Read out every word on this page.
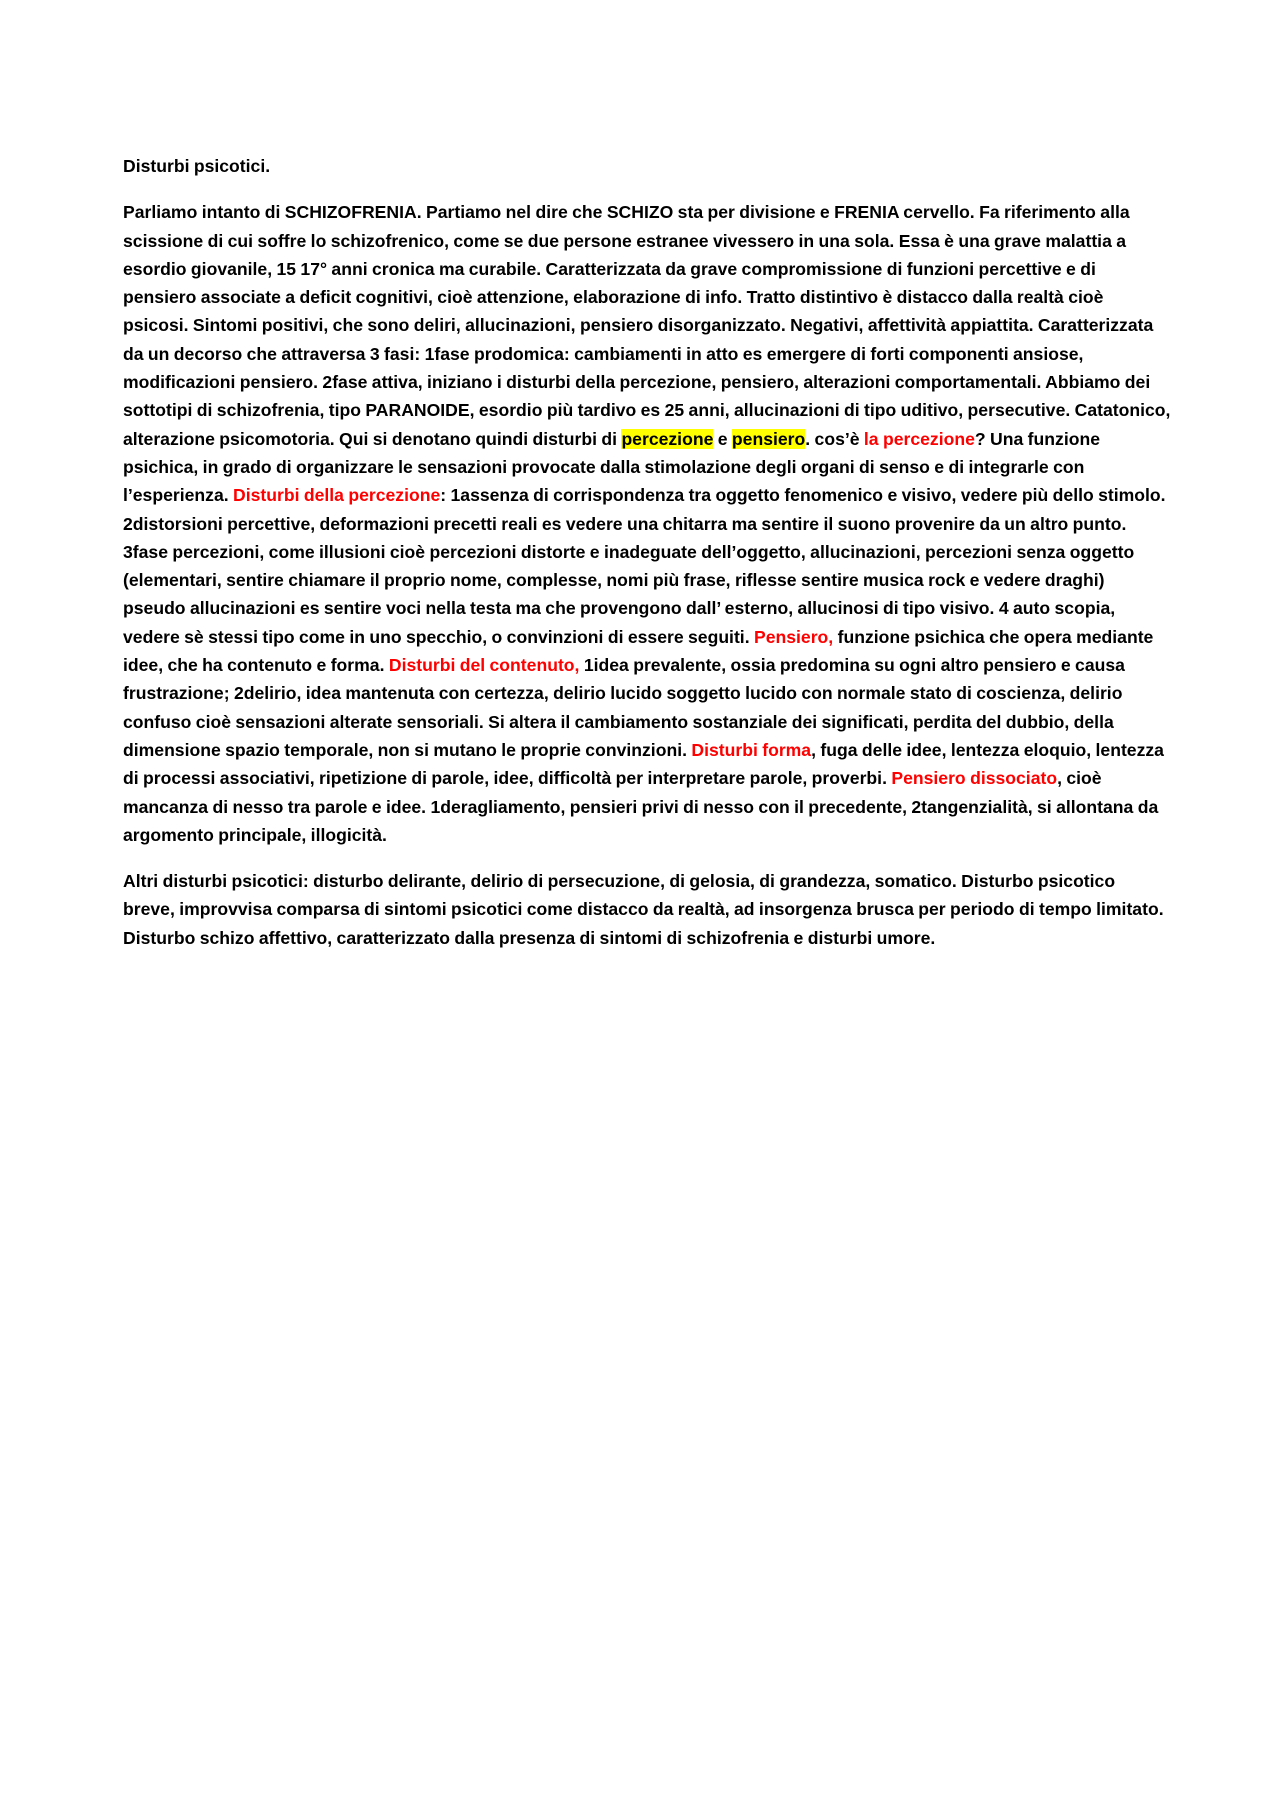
Disturbi psicotici.

Parliamo intanto di SCHIZOFRENIA. Partiamo nel dire che SCHIZO sta per divisione e FRENIA cervello. Fa riferimento alla scissione di cui soffre lo schizofrenico, come se due persone estranee vivessero in una sola. Essa è una grave malattia a esordio giovanile, 15 17° anni cronica ma curabile. Caratterizzata da grave compromissione di funzioni percettive e di pensiero associate a deficit cognitivi, cioè attenzione, elaborazione di info. Tratto distintivo è distacco dalla realtà cioè psicosi. Sintomi positivi, che sono deliri, allucinazioni, pensiero disorganizzato. Negativi, affettività appiattita. Caratterizzata da un decorso che attraversa 3 fasi: 1fase prodomica: cambiamenti in atto es emergere di forti componenti ansiose, modificazioni pensiero. 2fase attiva, iniziano i disturbi della percezione, pensiero, alterazioni comportamentali. Abbiamo dei sottotipi di schizofrenia, tipo PARANOIDE, esordio più tardivo es 25 anni, allucinazioni di tipo uditivo, persecutive. Catatonico, alterazione psicomotoria. Qui si denotano quindi disturbi di percezione e pensiero. cos’è la percezione? Una funzione psichica, in grado di organizzare le sensazioni provocate dalla stimolazione degli organi di senso e di integrarle con l’esperienza. Disturbi della percezione: 1assenza di corrispondenza tra oggetto fenomenico e visivo, vedere più dello stimolo. 2distorsioni percettive, deformazioni precetti reali es vedere una chitarra ma sentire il suono provenire da un altro punto. 3fase percezioni, come illusioni cioè percezioni distorte e inadeguate dell’oggetto, allucinazioni, percezioni senza oggetto (elementari, sentire chiamare il proprio nome, complesse, nomi più frase, riflesse sentire musica rock e vedere draghi) pseudo allucinazioni es sentire voci nella testa ma che provengono dall’ esterno, allucinosi di tipo visivo. 4 auto scopia, vedere sè stessi tipo come in uno specchio, o convinzioni di essere seguiti. Pensiero, funzione psichica che opera mediante idee, che ha contenuto e forma. Disturbi del contenuto, 1idea prevalente, ossia predomina su ogni altro pensiero e causa frustrazione; 2delirio, idea mantenuta con certezza, delirio lucido soggetto lucido con normale stato di coscienza, delirio confuso cioè sensazioni alterate sensoriali. Si altera il cambiamento sostanziale dei significati, perdita del dubbio, della dimensione spazio temporale, non si mutano le proprie convinzioni. Disturbi forma, fuga delle idee, lentezza eloquio, lentezza di processi associativi, ripetizione di parole, idee, difficoltà per interpretare parole, proverbi. Pensiero dissociato, cioè mancanza di nesso tra parole e idee. 1deragliamento, pensieri privi di nesso con il precedente, 2tangenzialità, si allontana da argomento principale, illogicità.

Altri disturbi psicotici: disturbo delirante, delirio di persecuzione, di gelosia, di grandezza, somatico. Disturbo psicotico breve, improvvisa comparsa di sintomi psicotici come distacco da realtà, ad insorgenza brusca per periodo di tempo limitato. Disturbo schizo affettivo, caratterizzato dalla presenza di sintomi di schizofrenia e disturbi umore.
